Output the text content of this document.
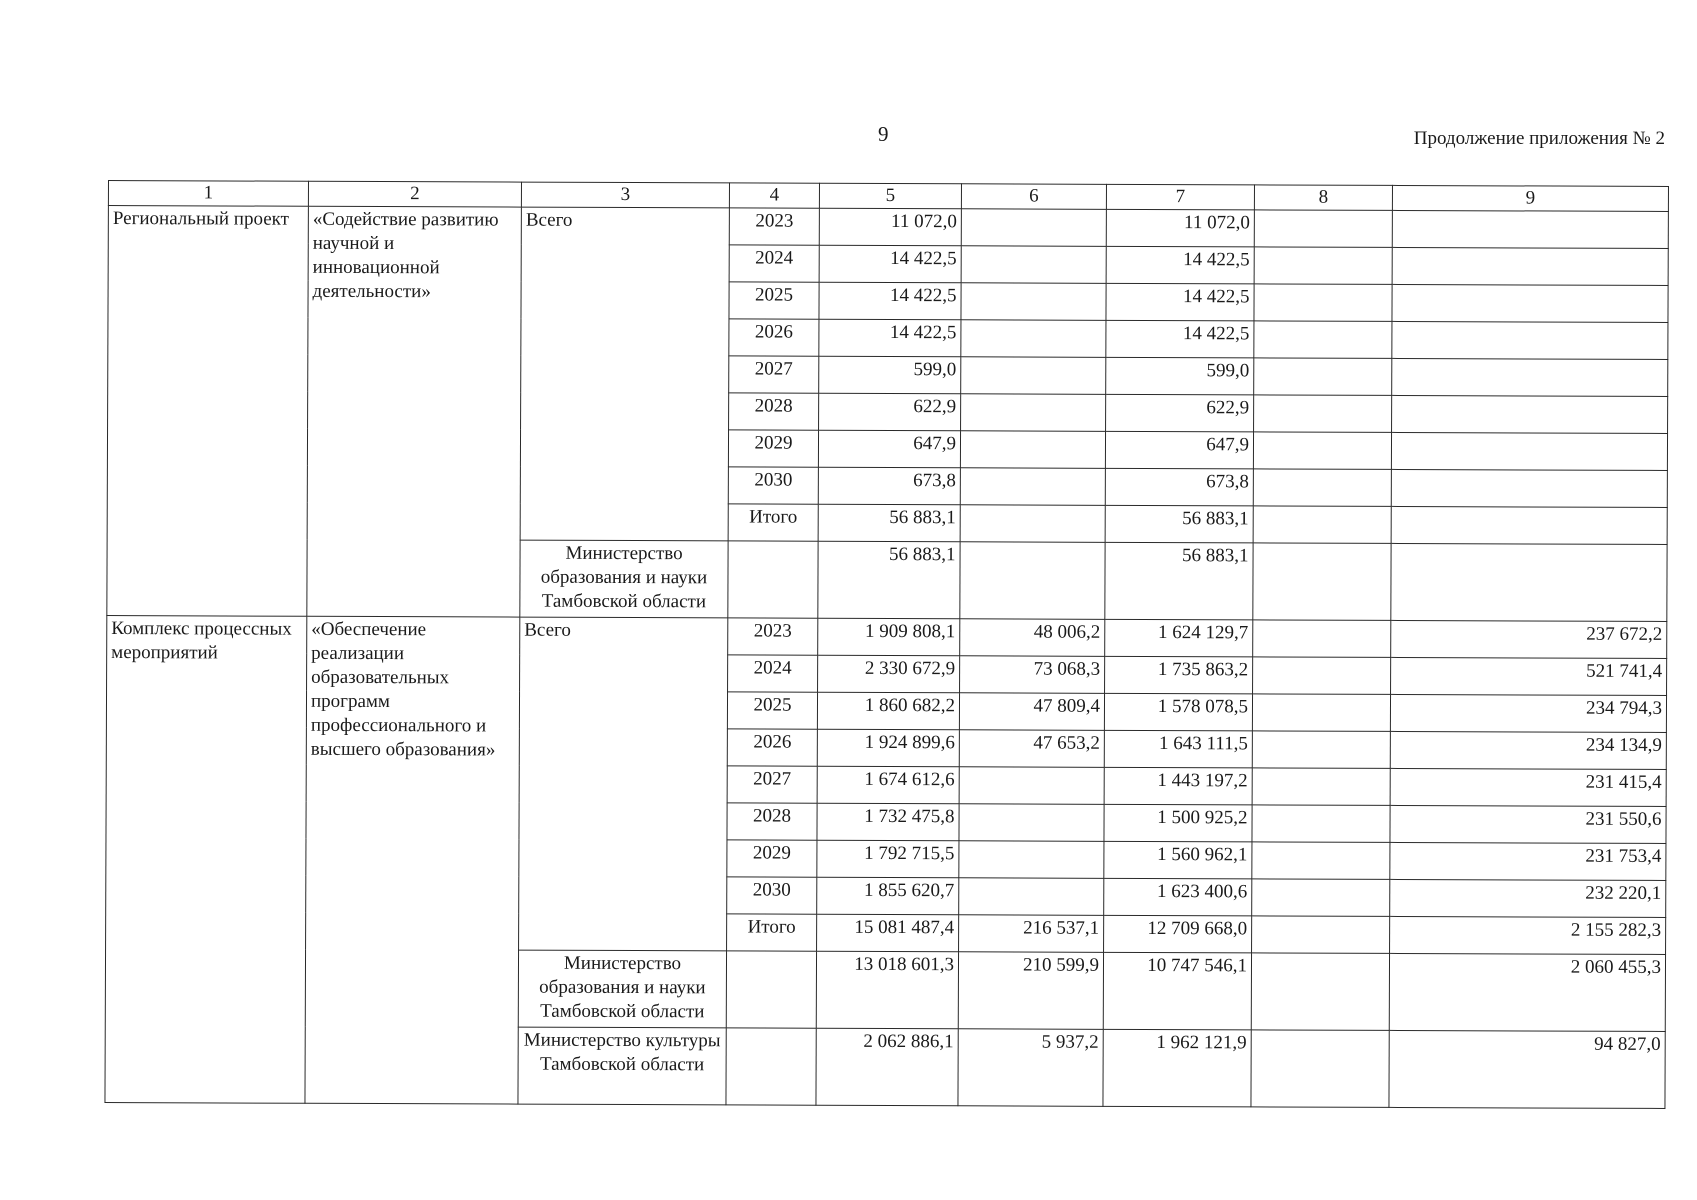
9	Продолжение приложения № 2
1	2	3	4	5	6	7	8	9
Региональный проект	«Содействие развитию научной и инновационной деятельности»	Всего	2023	11 072,0		11 072,0		
			2024	14 422,5		14 422,5		
			2025	14 422,5		14 422,5		
			2026	14 422,5		14 422,5		
			2027	599,0		599,0		
			2028	622,9		622,9		
			2029	647,9		647,9		
			2030	673,8		673,8		
			Итого	56 883,1		56 883,1		
		Министерство образования и науки Тамбовской области		56 883,1		56 883,1		
Комплекс процессных мероприятий	«Обеспечение реализации образовательных программ профессионального и высшего образования»	Всего	2023	1 909 808,1	48 006,2	1 624 129,7		237 672,2
			2024	2 330 672,9	73 068,3	1 735 863,2		521 741,4
			2025	1 860 682,2	47 809,4	1 578 078,5		234 794,3
			2026	1 924 899,6	47 653,2	1 643 111,5		234 134,9
			2027	1 674 612,6		1 443 197,2		231 415,4
			2028	1 732 475,8		1 500 925,2		231 550,6
			2029	1 792 715,5		1 560 962,1		231 753,4
			2030	1 855 620,7		1 623 400,6		232 220,1
			Итого	15 081 487,4	216 537,1	12 709 668,0		2 155 282,3
		Министерство образования и науки Тамбовской области		13 018 601,3	210 599,9	10 747 546,1		2 060 455,3
		Министерство культуры Тамбовской области		2 062 886,1	5 937,2	1 962 121,9		94 827,0
